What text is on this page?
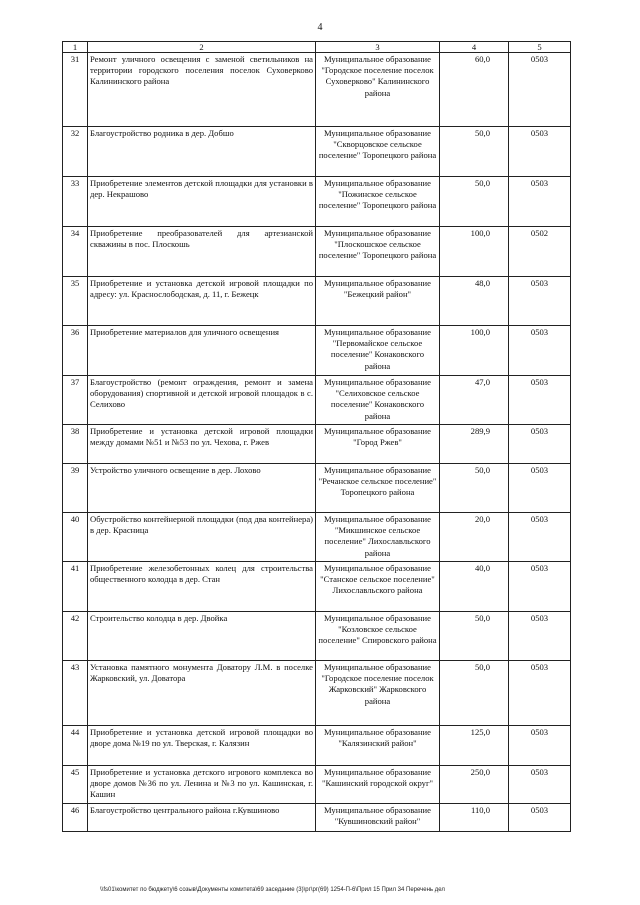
4
1	2	3	4	5
31	Ремонт уличного освещения с заменой светильников на территории городского поселения поселок Суховерково Калининского района	Муниципальное образование "Городское поселение поселок Суховерково" Калининского района	60,0	0503
32	Благоустройство родника в дер. Добшо	Муниципальное образование "Скворцовское сельское поселение" Торопецкого района	50,0	0503
33	Приобретение элементов детской площадки для установки в дер. Некрашово	Муниципальное образование "Пожинское сельское поселение" Торопецкого района	50,0	0503
34	Приобретение преобразователей для артезианской скважины в пос. Плоскошь	Муниципальное образование "Плоскошское сельское поселение" Торопецкого района	100,0	0502
35	Приобретение и установка детской игровой площадки по адресу: ул. Краснослободская, д. 11, г. Бежецк	Муниципальное образование "Бежецкий район"	48,0	0503
36	Приобретение материалов для уличного освещения	Муниципальное образование "Первомайское сельское поселение" Конаковского района	100,0	0503
37	Благоустройство (ремонт ограждения, ремонт и замена оборудования) спортивной и детской игровой площадок в с. Селихово	Муниципальное образование "Селиховское сельское поселение" Конаковского района	47,0	0503
38	Приобретение и установка детской игровой площадки между домами №51 и №53 по ул. Чехова, г. Ржев	Муниципальное образование "Город Ржев"	289,9	0503
39	Устройство уличного освещение в дер. Лохово	Муниципальное образование "Речанское сельское поселение" Торопецкого района	50,0	0503
40	Обустройство контейнерной площадки (под два контейнера) в дер. Красница	Муниципальное образование "Микшинское сельское поселение" Лихославльского района	20,0	0503
41	Приобретение железобетонных колец для строительства общественного колодца в дер. Стан	Муниципальное образование "Станское сельское поселение" Лихославльского района	40,0	0503
42	Строительство колодца в дер. Двойка	Муниципальное образование "Козловское сельское поселение" Спировского района	50,0	0503
43	Установка памятного монумента Доватору Л.М. в поселке Жарковский, ул. Доватора	Муниципальное образование "Городское поселение поселок Жарковский" Жарковского района	50,0	0503
44	Приобретение и установка детской игровой площадки во дворе дома №19 по ул. Тверская, г. Калязин	Муниципальное образование "Калязинский район"	125,0	0503
45	Приобретение и установка детского игрового комплекса во дворе домов №36 по ул. Ленина и №3 по ул. Кашинская, г. Кашин	Муниципальное образование "Кашинский городской округ"	250,0	0503
46	Благоустройство центрального района г.Кувшиново	Муниципальное образование "Кувшиновский район"	110,0	0503
\\fs01\комитет по бюджету\6 созыв\Документы комитета\69 заседание (3)\рг\рг(69) 1254-П-6\Прил 15 Прил 34 Перечень дел
